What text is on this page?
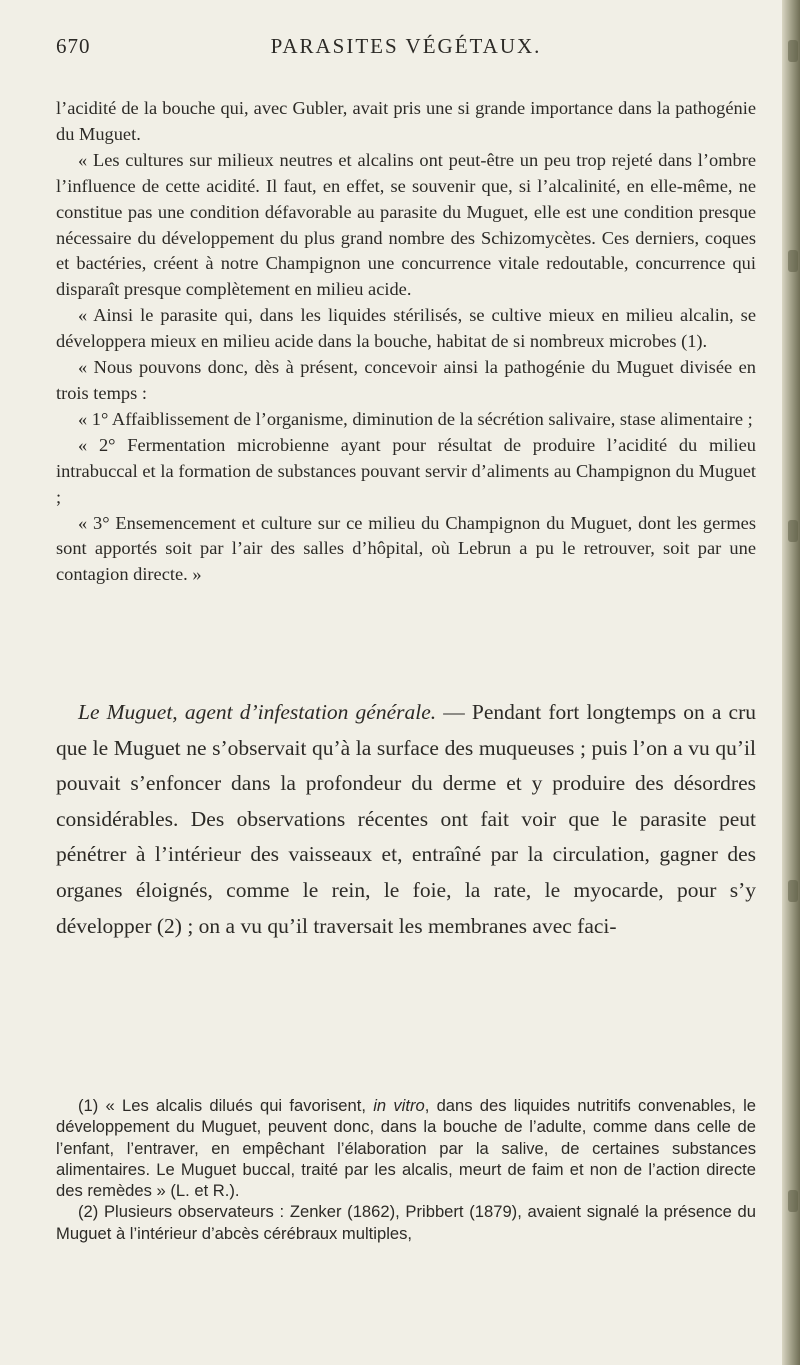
670	PARASITES VÉGÉTAUX.

l’acidité de la bouche qui, avec Gubler, avait pris une si grande importance dans la pathogénie du Muguet.

« Les cultures sur milieux neutres et alcalins ont peut-être un peu trop rejeté dans l’ombre l’influence de cette acidité. Il faut, en effet, se souvenir que, si l’alcalinité, en elle-même, ne constitue pas une condition défavorable au parasite du Muguet, elle est une condition presque nécessaire du développement du plus grand nombre des Schizomycètes. Ces derniers, coques et bactéries, créent à notre Champignon une concurrence vitale redoutable, concurrence qui disparaît presque complètement en milieu acide.

« Ainsi le parasite qui, dans les liquides stérilisés, se cultive mieux en milieu alcalin, se développera mieux en milieu acide dans la bouche, habitat de si nombreux microbes (1).

« Nous pouvons donc, dès à présent, concevoir ainsi la pathogénie du Muguet divisée en trois temps :

« 1° Affaiblissement de l’organisme, diminution de la sécrétion salivaire, stase alimentaire ;

« 2° Fermentation microbienne ayant pour résultat de produire l’acidité du milieu intrabuccal et la formation de substances pouvant servir d’aliments au Champignon du Muguet ;

« 3° Ensemencement et culture sur ce milieu du Champignon du Muguet, dont les germes sont apportés soit par l’air des salles d’hôpital, où Lebrun a pu le retrouver, soit par une contagion directe. »

Le Muguet, agent d’infestation générale. — Pendant fort longtemps on a cru que le Muguet ne s’observait qu’à la surface des muqueuses ; puis l’on a vu qu’il pouvait s’enfoncer dans la profondeur du derme et y produire des désordres considérables. Des observations récentes ont fait voir que le parasite peut pénétrer à l’intérieur des vaisseaux et, entraîné par la circulation, gagner des organes éloignés, comme le rein, le foie, la rate, le myocarde, pour s’y développer (2) ; on a vu qu’il traversait les membranes avec faci-

(1) « Les alcalis dilués qui favorisent, in vitro, dans des liquides nutritifs convenables, le développement du Muguet, peuvent donc, dans la bouche de l’adulte, comme dans celle de l’enfant, l’entraver, en empêchant l’élaboration par la salive, de certaines substances alimentaires. Le Muguet buccal, traité par les alcalis, meurt de faim et non de l’action directe des remèdes » (L. et R.).

(2) Plusieurs observateurs : Zenker (1862), Pribbert (1879), avaient signalé la présence du Muguet à l’intérieur d’abcès cérébraux multiples,
